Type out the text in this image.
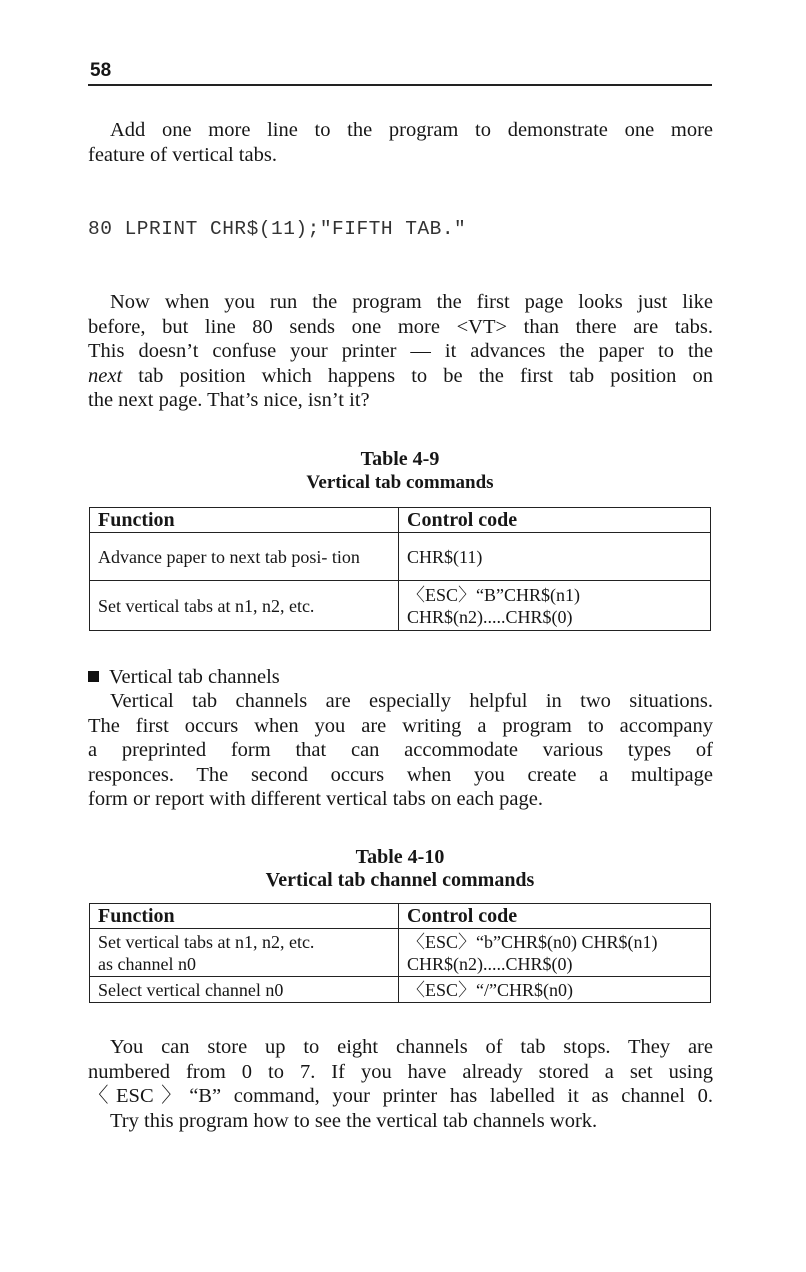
58

Add one more line to the program to demonstrate one more
feature of vertical tabs.

80 LPRINT CHR$(11);"FIFTH TAB."

Now when you run the program the first page looks just like
before, but line 80 sends one more <VT> than there are tabs.
This doesn’t confuse your printer — it advances the paper to the
next tab position which happens to be the first tab position on
the next page. That’s nice, isn’t it?

Table 4-9
Vertical tab commands

Function	Control code
Advance paper to next tab posi- tion	CHR$(11)
Set vertical tabs at n1, n2, etc.	〈ESC〉“B”CHR$(n1)
CHR$(n2).....CHR$(0)
Vertical tab channels

Vertical tab channels are especially helpful in two situations.
The first occurs when you are writing a program to accompany
a preprinted form that can accommodate various types of
responces. The second occurs when you create a multipage
form or report with different vertical tabs on each page.

Table 4-10
Vertical tab channel commands

Function	Control code

Set vertical tabs at n1, n2, etc.
as channel n0	〈ESC〉“b”CHR$(n0) CHR$(n1)
CHR$(n2).....CHR$(0)

Select vertical channel n0	〈ESC〉“/”CHR$(n0)

You can store up to eight channels of tab stops. They are
numbered from 0 to 7. If you have already stored a set using
〈ESC〉“B” command, your printer has labelled it as channel 0.
Try this program how to see the vertical tab channels work.
